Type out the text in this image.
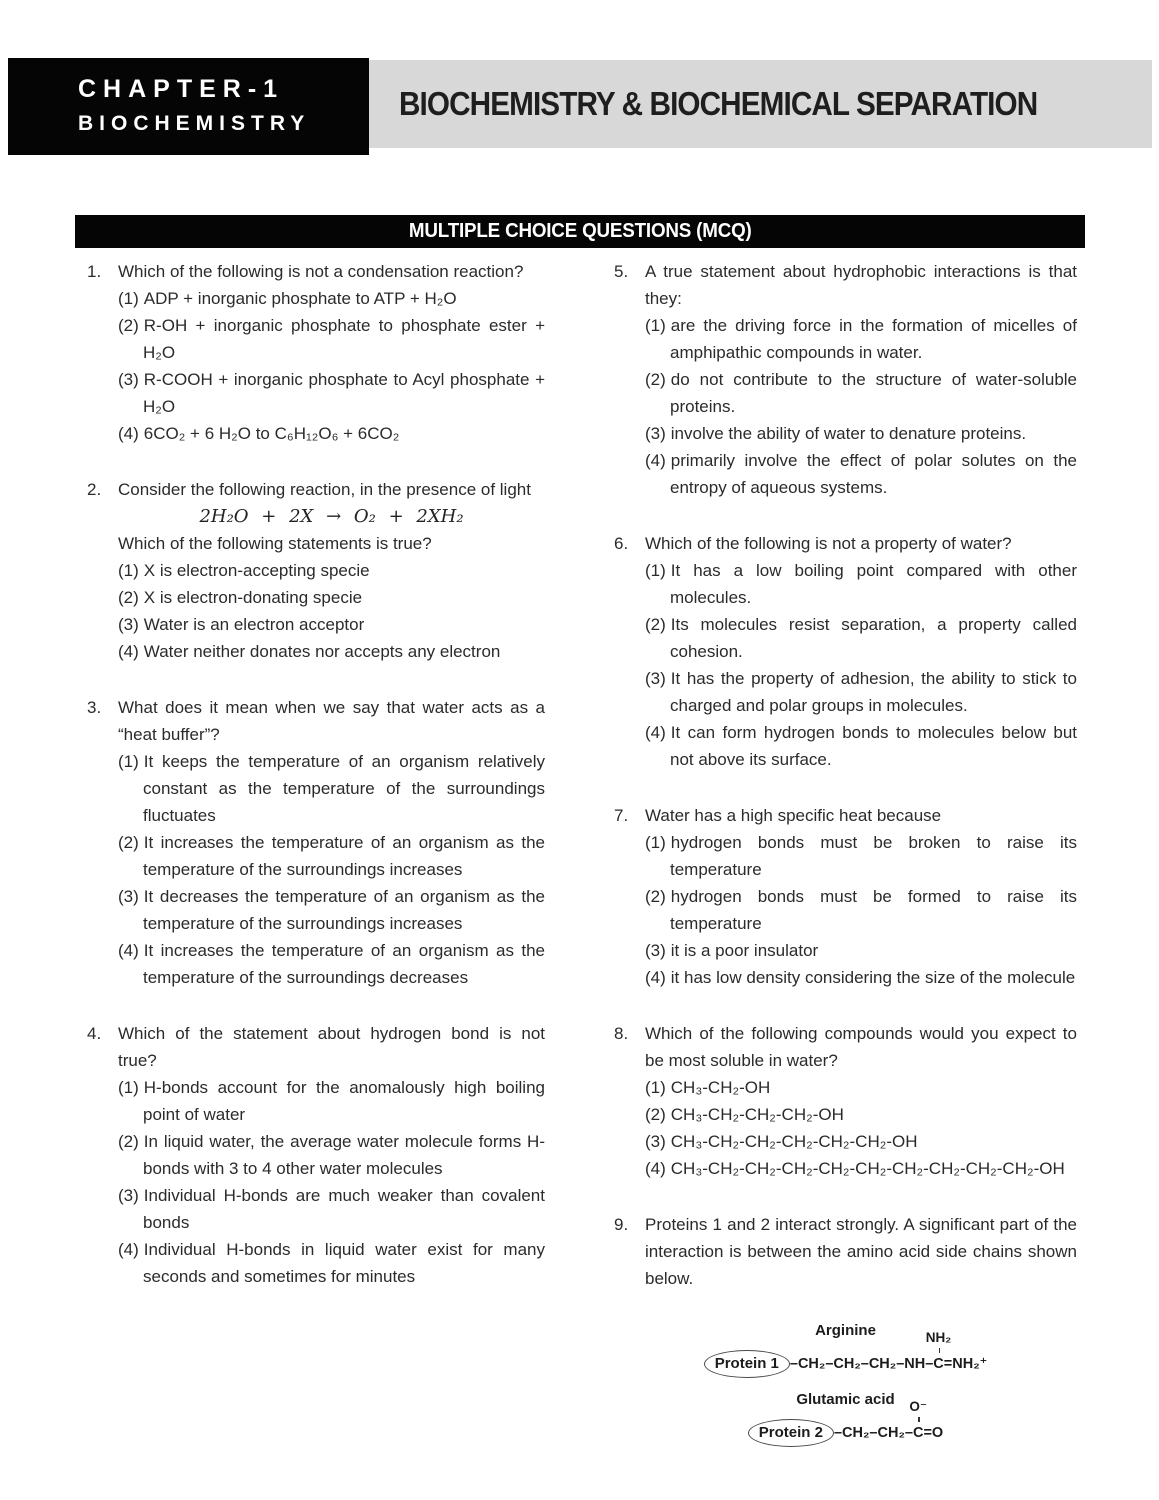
CHAPTER-1
BIOCHEMISTRY
BIOCHEMISTRY & BIOCHEMICAL SEPARATION
MULTIPLE CHOICE QUESTIONS (MCQ)
1. Which of the following is not a condensation reaction?
(1) ADP + inorganic phosphate to ATP + H₂O
(2) R-OH + inorganic phosphate to phosphate ester + H₂O
(3) R-COOH + inorganic phosphate to Acyl phosphate + H₂O
(4) 6CO₂ + 6 H₂O to C₆H₁₂O₆ + 6CO₂
2. Consider the following reaction, in the presence of light
2H₂O + 2X → O₂ + 2XH₂
Which of the following statements is true?
(1) X is electron-accepting specie
(2) X is electron-donating specie
(3) Water is an electron acceptor
(4) Water neither donates nor accepts any electron
3. What does it mean when we say that water acts as a “heat buffer”?
(1) It keeps the temperature of an organism relatively constant as the temperature of the surroundings fluctuates
(2) It increases the temperature of an organism as the temperature of the surroundings increases
(3) It decreases the temperature of an organism as the temperature of the surroundings increases
(4) It increases the temperature of an organism as the temperature of the surroundings decreases
4. Which of the statement about hydrogen bond is not true?
(1) H-bonds account for the anomalously high boiling point of water
(2) In liquid water, the average water molecule forms H-bonds with 3 to 4 other water molecules
(3) Individual H-bonds are much weaker than covalent bonds
(4) Individual H-bonds in liquid water exist for many seconds and sometimes for minutes
5. A true statement about hydrophobic interactions is that they:
(1) are the driving force in the formation of micelles of amphipathic compounds in water.
(2) do not contribute to the structure of water-soluble proteins.
(3) involve the ability of water to denature proteins.
(4) primarily involve the effect of polar solutes on the entropy of aqueous systems.
6. Which of the following is not a property of water?
(1) It has a low boiling point compared with other molecules.
(2) Its molecules resist separation, a property called cohesion.
(3) It has the property of adhesion, the ability to stick to charged and polar groups in molecules.
(4) It can form hydrogen bonds to molecules below but not above its surface.
7. Water has a high specific heat because
(1) hydrogen bonds must be broken to raise its temperature
(2) hydrogen bonds must be formed to raise its temperature
(3) it is a poor insulator
(4) it has low density considering the size of the molecule
8. Which of the following compounds would you expect to be most soluble in water?
(1) CH₃-CH₂-OH
(2) CH₃-CH₂-CH₂-CH₂-OH
(3) CH₃-CH₂-CH₂-CH₂-CH₂-CH₂-OH
(4) CH₃-CH₂-CH₂-CH₂-CH₂-CH₂-CH₂-CH₂-CH₂-CH₂-OH
9. Proteins 1 and 2 interact strongly. A significant part of the interaction is between the amino acid side chains shown below.
Arginine
Protein 1 –CH₂–CH₂–CH₂–NH–
NH₂
C=NH₂⁺
Glutamic acid
Protein 2 –CH₂–CH₂–
O⁻
C=O
